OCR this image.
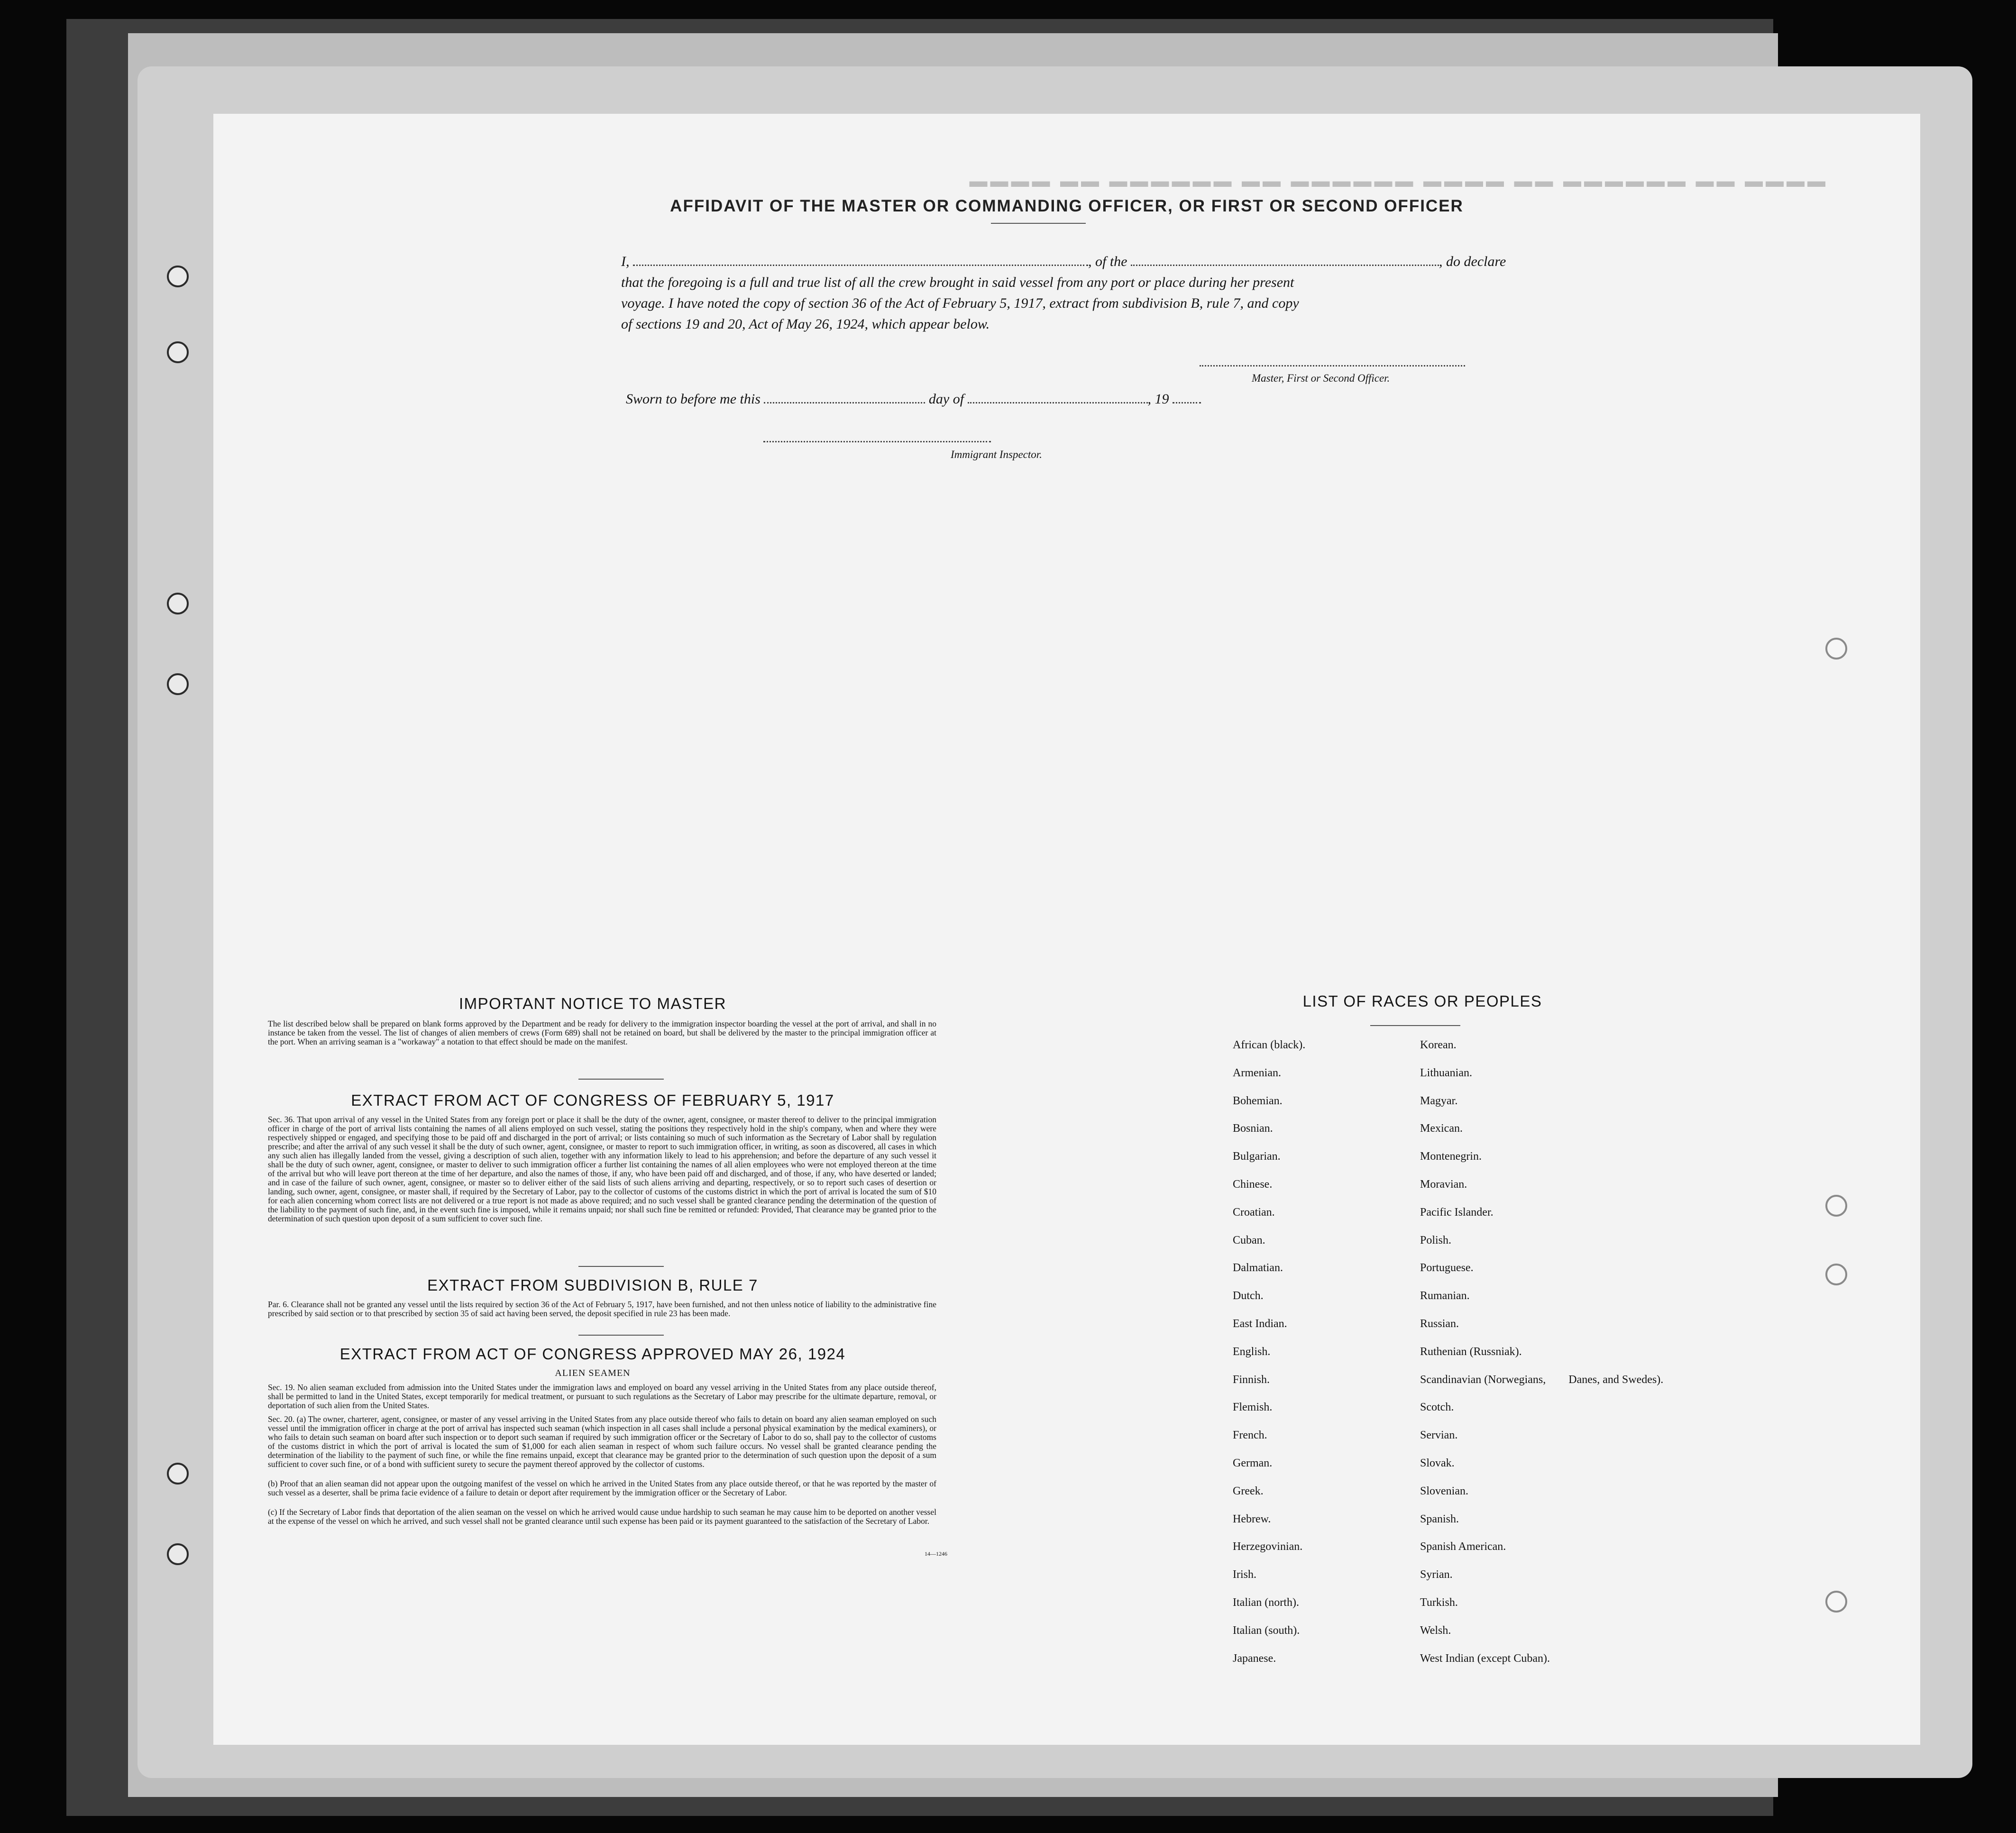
▬▬▬▬ ▬▬ ▬▬▬▬▬▬ ▬▬ ▬▬▬▬ ▬▬▬▬▬▬ ▬▬ ▬▬▬▬▬▬ ▬▬ ▬▬▬▬
AFFIDAVIT OF THE MASTER OR COMMANDING OFFICER, OR FIRST OR SECOND OFFICER
I,	, of the	, do declare
that the foregoing is a full and true list of all the crew brought in said vessel from any port or place during her present
voyage. I have noted the copy of section 36 of the Act of February 5, 1917, extract from subdivision B, rule 7, and copy
of sections 19 and 20, Act of May 26, 1924, which appear below.
Master, First or Second Officer.
Sworn to before me this	day of	, 19
Immigrant Inspector.
IMPORTANT NOTICE TO MASTER
The list described below shall be prepared on blank forms approved by the Department and be ready for delivery to the immigration inspector boarding the vessel at the port of arrival, and shall in no instance be taken from the vessel. The list of changes of alien members of crews (Form 689) shall not be retained on board, but shall be delivered by the master to the principal immigration officer at the port. When an arriving seaman is a "workaway" a notation to that effect should be made on the manifest.
EXTRACT FROM ACT OF CONGRESS OF FEBRUARY 5, 1917
Sec. 36. That upon arrival of any vessel in the United States from any foreign port or place it shall be the duty of the owner, agent, consignee, or master thereof to deliver to the principal immigration officer in charge of the port of arrival lists containing the names of all aliens employed on such vessel, stating the positions they respectively hold in the ship's company, when and where they were respectively shipped or engaged, and specifying those to be paid off and discharged in the port of arrival; or lists containing so much of such information as the Secretary of Labor shall by regulation prescribe; and after the arrival of any such vessel it shall be the duty of such owner, agent, consignee, or master to report to such immigration officer, in writing, as soon as discovered, all cases in which any such alien has illegally landed from the vessel, giving a description of such alien, together with any information likely to lead to his apprehension; and before the departure of any such vessel it shall be the duty of such owner, agent, consignee, or master to deliver to such immigration officer a further list containing the names of all alien employees who were not employed thereon at the time of the arrival but who will leave port thereon at the time of her departure, and also the names of those, if any, who have been paid off and discharged, and of those, if any, who have deserted or landed; and in case of the failure of such owner, agent, consignee, or master so to deliver either of the said lists of such aliens arriving and departing, respectively, or so to report such cases of desertion or landing, such owner, agent, consignee, or master shall, if required by the Secretary of Labor, pay to the collector of customs of the customs district in which the port of arrival is located the sum of $10 for each alien concerning whom correct lists are not delivered or a true report is not made as above required; and no such vessel shall be granted clearance pending the determination of the question of the liability to the payment of such fine, and, in the event such fine is imposed, while it remains unpaid; nor shall such fine be remitted or refunded: Provided, That clearance may be granted prior to the determination of such question upon deposit of a sum sufficient to cover such fine.
EXTRACT FROM SUBDIVISION B, RULE 7
Par. 6. Clearance shall not be granted any vessel until the lists required by section 36 of the Act of February 5, 1917, have been furnished, and not then unless notice of liability to the administrative fine prescribed by said section or to that prescribed by section 35 of said act having been served, the deposit specified in rule 23 has been made.
EXTRACT FROM ACT OF CONGRESS APPROVED MAY 26, 1924
ALIEN SEAMEN
Sec. 19. No alien seaman excluded from admission into the United States under the immigration laws and employed on board any vessel arriving in the United States from any place outside thereof, shall be permitted to land in the United States, except temporarily for medical treatment, or pursuant to such regulations as the Secretary of Labor may prescribe for the ultimate departure, removal, or deportation of such alien from the United States.
Sec. 20. (a) The owner, charterer, agent, consignee, or master of any vessel arriving in the United States from any place outside thereof who fails to detain on board any alien seaman employed on such vessel until the immigration officer in charge at the port of arrival has inspected such seaman (which inspection in all cases shall include a personal physical examination by the medical examiners), or who fails to detain such seaman on board after such inspection or to deport such seaman if required by such immigration officer or the Secretary of Labor to do so, shall pay to the collector of customs of the customs district in which the port of arrival is located the sum of $1,000 for each alien seaman in respect of whom such failure occurs. No vessel shall be granted clearance pending the determination of the liability to the payment of such fine, or while the fine remains unpaid, except that clearance may be granted prior to the determination of such question upon the deposit of a sum sufficient to cover such fine, or of a bond with sufficient surety to secure the payment thereof approved by the collector of customs.
(b) Proof that an alien seaman did not appear upon the outgoing manifest of the vessel on which he arrived in the United States from any place outside thereof, or that he was reported by the master of such vessel as a deserter, shall be prima facie evidence of a failure to detain or deport after requirement by the immigration officer or the Secretary of Labor.
(c) If the Secretary of Labor finds that deportation of the alien seaman on the vessel on which he arrived would cause undue hardship to such seaman he may cause him to be deported on another vessel at the expense of the vessel on which he arrived, and such vessel shall not be granted clearance until such expense has been paid or its payment guaranteed to the satisfaction of the Secretary of Labor.
14—1246
LIST OF RACES OR PEOPLES
African (black).
Armenian.
Bohemian.
Bosnian.
Bulgarian.
Chinese.
Croatian.
Cuban.
Dalmatian.
Dutch.
East Indian.
English.
Finnish.
Flemish.
French.
German.
Greek.
Hebrew.
Herzegovinian.
Irish.
Italian (north).
Italian (south).
Japanese.
Korean.
Lithuanian.
Magyar.
Mexican.
Montenegrin.
Moravian.
Pacific Islander.
Polish.
Portuguese.
Rumanian.
Russian.
Ruthenian (Russniak).
Scandinavian (Norwegians,  Danes, and Swedes).
Scotch.
Servian.
Slovak.
Slovenian.
Spanish.
Spanish American.
Syrian.
Turkish.
Welsh.
West Indian (except Cuban).
